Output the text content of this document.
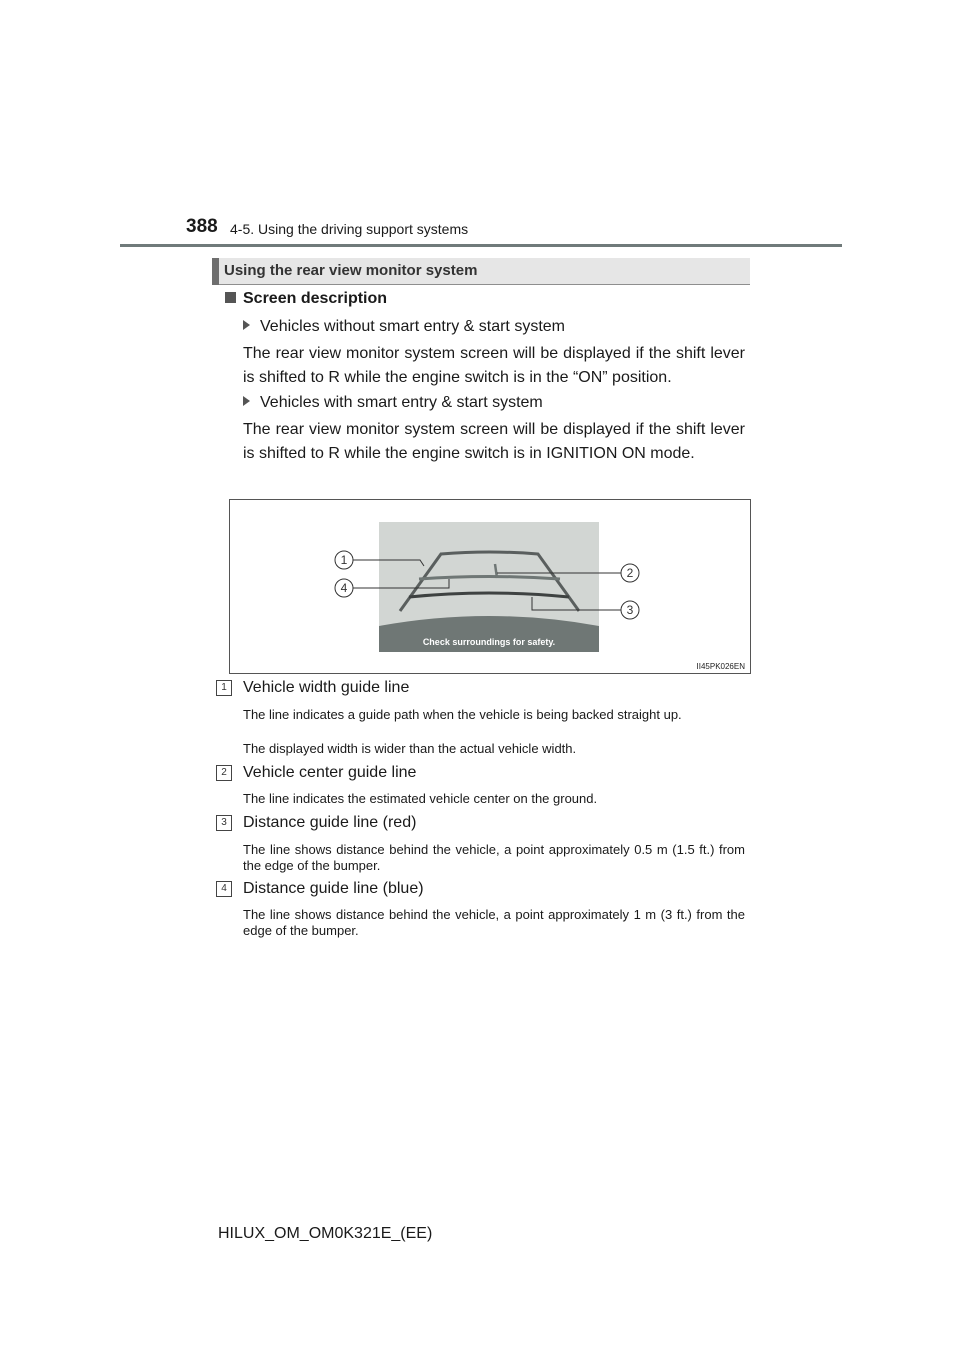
388 4-5. Using the driving support systems
Using the rear view monitor system
Screen description
Vehicles without smart entry & start system
The rear view monitor system screen will be displayed if the shift lever is shifted to R while the engine switch is in the “ON” position.
Vehicles with smart entry & start system
The rear view monitor system screen will be displayed if the shift lever is shifted to R while the engine switch is in IGNITION ON mode.
Check surroundings for safety.
1
2
3
4
II45PK026EN
1	Vehicle width guide line
The line indicates a guide path when the vehicle is being backed straight up.
The displayed width is wider than the actual vehicle width.
2	Vehicle center guide line
The line indicates the estimated vehicle center on the ground.
3	Distance guide line (red)
The line shows distance behind the vehicle, a point approximately 0.5 m (1.5 ft.) from the edge of the bumper.
4	Distance guide line (blue)
The line shows distance behind the vehicle, a point approximately 1 m (3 ft.) from the edge of the bumper.
HILUX_OM_OM0K321E_(EE)
